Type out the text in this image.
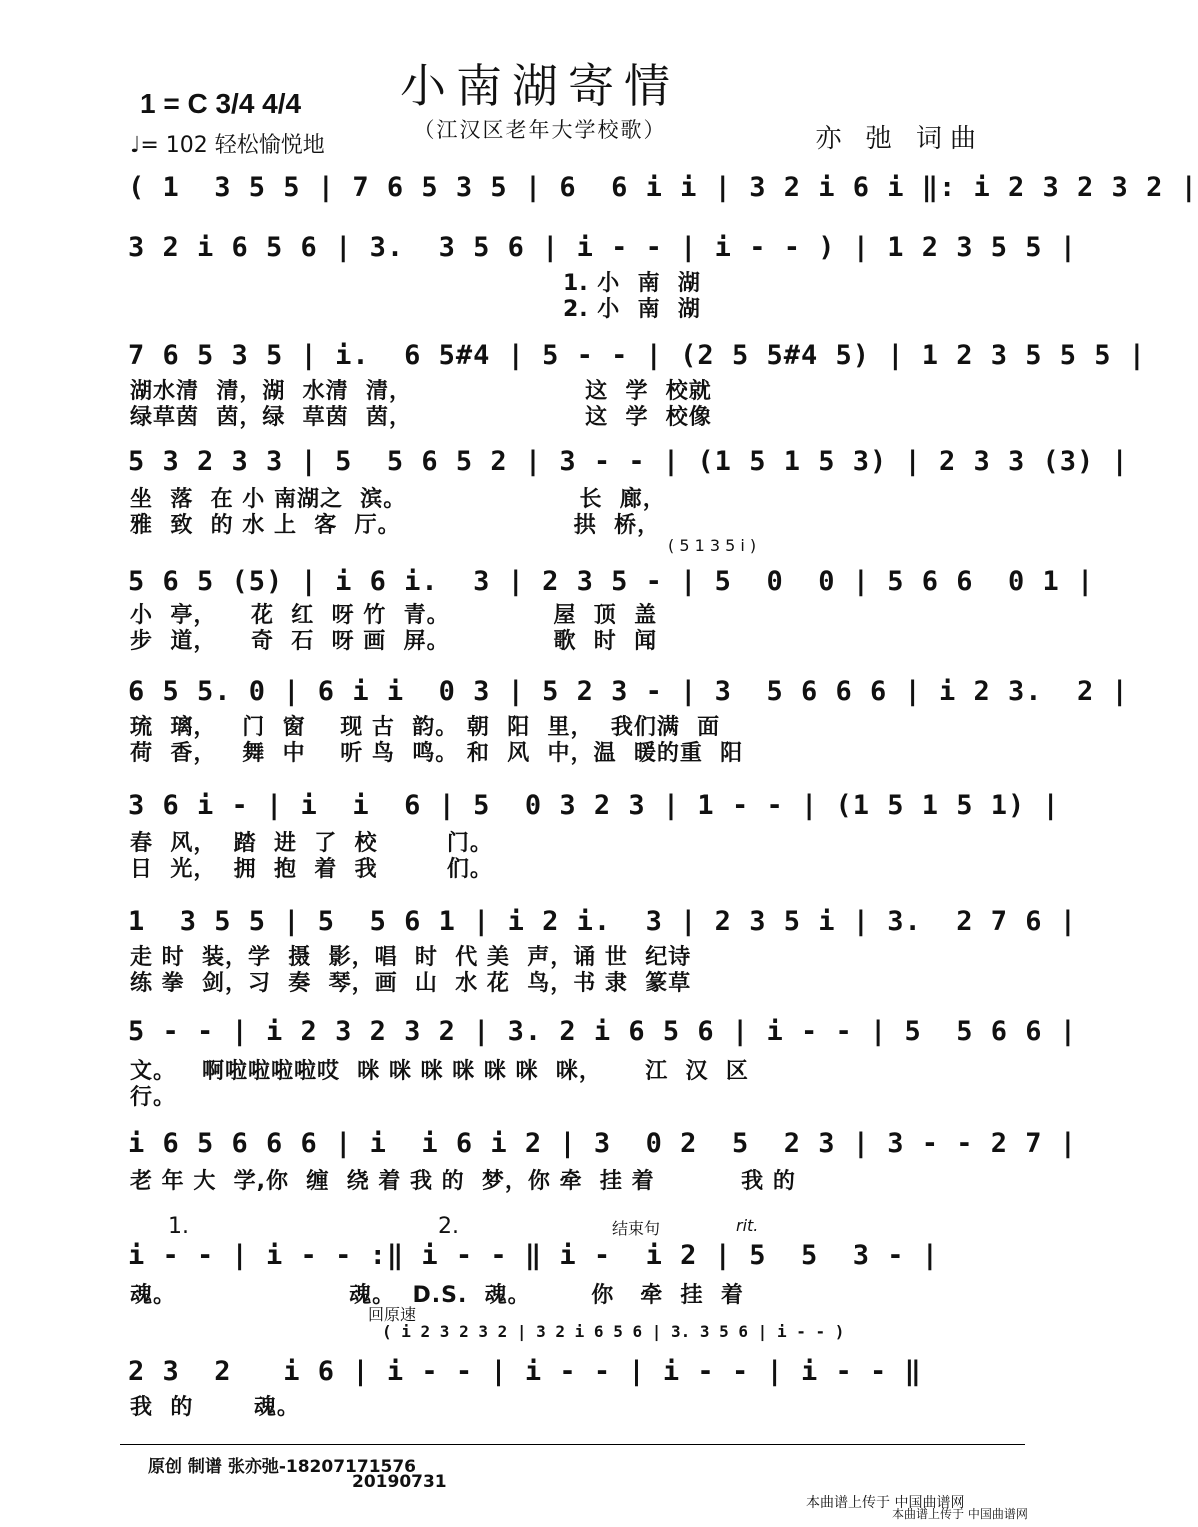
小南湖寄情
（江汉区老年大学校歌）	亦 弛 词曲
1 = C 3/4 4/4
♩= 102 轻松愉悦地
( 1  3 5 5 | 7 6 5 3 5 | 6  6 i i | 3 2 i 6 i ‖: i 2 3 2 3 2 |
3 2 i 6 5 6 | 3.  3 5 6 | i - - | i - - ) | 1 2 3 5 5 |
1. 小  南  湖
2. 小  南  湖
7 6 5 3 5 | i.  6 5#4 | 5 - - | (2 5 5#4 5) | 1 2 3 5 5 5 |
湖水清  清，湖  水清  清，                    这  学  校就
绿草茵  茵，绿  草茵  茵，                    这  学  校像
5 3 2 3 3 | 5  5 6 5 2 | 3 - - | (1 5 1 5 3) | 2 3 3 (3) |
坐  落  在 小 南湖之  滨。                    长  廊，
雅  致  的 水 上  客  厅。                    拱  桥，
( 5 1 3 5 i )
5 6 5 (5) | i 6 i.  3 | 2 3 5 - | 5  0  0 | 5 6 6  0 1 |
小  亭，    花  红  呀 竹  青。            屋  顶  盖
步  道，    奇  石  呀 画  屏。            歌  时  闻
6 5 5. 0 | 6 i i  0 3 | 5 2 3 - | 3  5 6 6 6 | i 2 3.  2 |
琉  璃，   门  窗    现 古  韵。 朝  阳  里，  我们满  面
荷  香，   舞  中    听 鸟  鸣。 和  风  中，温  暖的重  阳
3 6 i - | i  i  6 | 5  0 3 2 3 | 1 - - | (1 5 1 5 1) |
春  风，  踏  进  了  校        门。
日  光，  拥  抱  着  我        们。
1  3 5 5 | 5  5 6 1 | i 2 i.  3 | 2 3 5 i | 3.  2 7 6 |
走 时  装，学  摄  影，唱  时  代 美  声，诵 世  纪诗
练 拳  剑，习  奏  琴，画  山  水 花  鸟，书 隶  篆草
5 - - | i 2 3 2 3 2 | 3. 2 i 6 5 6 | i - - | 5  5 6 6 |
文。   啊啦啦啦啦哎  咪 咪 咪 咪 咪 咪  咪，     江  汉  区
行。
i 6 5 6 6 6 | i  i 6 i 2 | 3  0 2  5  2 3 | 3 - - 2 7 |
老 年 大  学,你  缠  绕 着 我 的  梦，你 牵  挂 着          我 的
1.	2.	结束句	rit.
i - - | i - - :‖ i - - ‖ i -  i 2 | 5  5  3 - |
魂。                    魂。  D.S.  魂。       你   牵  挂  着
回原速
( i 2 3 2 3 2 | 3 2 i 6 5 6 | 3. 3 5 6 | i - - )
2 3  2   i 6 | i - - | i - - | i - - | i - - ‖
我  的       魂。
原创 制谱 张亦弛-18207171576
20190731
本曲谱上传于 中国曲谱网
本曲谱上传于 中国曲谱网
